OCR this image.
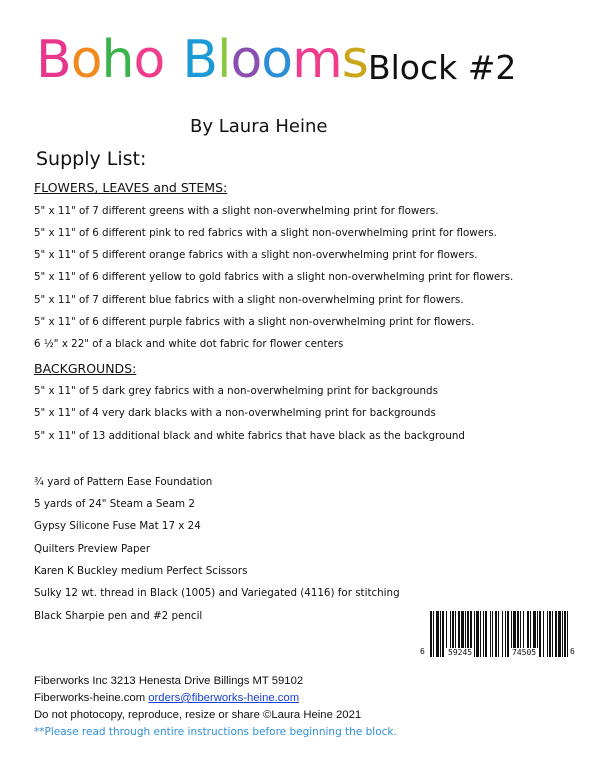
Boho Blooms Block #2
By Laura Heine
Supply List:
FLOWERS, LEAVES and STEMS:
5" x 11" of 7 different greens with a slight non-overwhelming print for flowers.
5" x 11" of 6 different pink to red fabrics with a slight non-overwhelming print for flowers.
5" x 11" of 5 different orange fabrics with a slight non-overwhelming print for flowers.
5" x 11" of 6 different yellow to gold fabrics with a slight non-overwhelming print for flowers.
5" x 11" of 7 different blue fabrics with a slight non-overwhelming print for flowers.
5" x 11" of 6 different purple fabrics with a slight non-overwhelming print for flowers.
6 ½" x 22" of a black and white dot fabric for flower centers
BACKGROUNDS:
5" x 11" of 5 dark grey fabrics with a non-overwhelming print for backgrounds
5" x 11" of 4 very dark blacks with a non-overwhelming print for backgrounds
5" x 11" of 13 additional black and white fabrics that have black as the background
¾ yard of Pattern Ease Foundation
5 yards of 24" Steam a Seam 2
Gypsy Silicone Fuse Mat 17 x 24
Quilters Preview Paper
Karen K Buckley medium Perfect Scissors
Sulky 12 wt. thread in Black (1005) and Variegated (4116) for stitching
Black Sharpie pen and #2 pencil
6	59245	74505	6
Fiberworks Inc 3213 Henesta Drive Billings MT 59102
Fiberworks-heine.com orders@fiberworks-heine.com
Do not photocopy, reproduce, resize or share ©Laura Heine 2021
**Please read through entire instructions before beginning the block.
